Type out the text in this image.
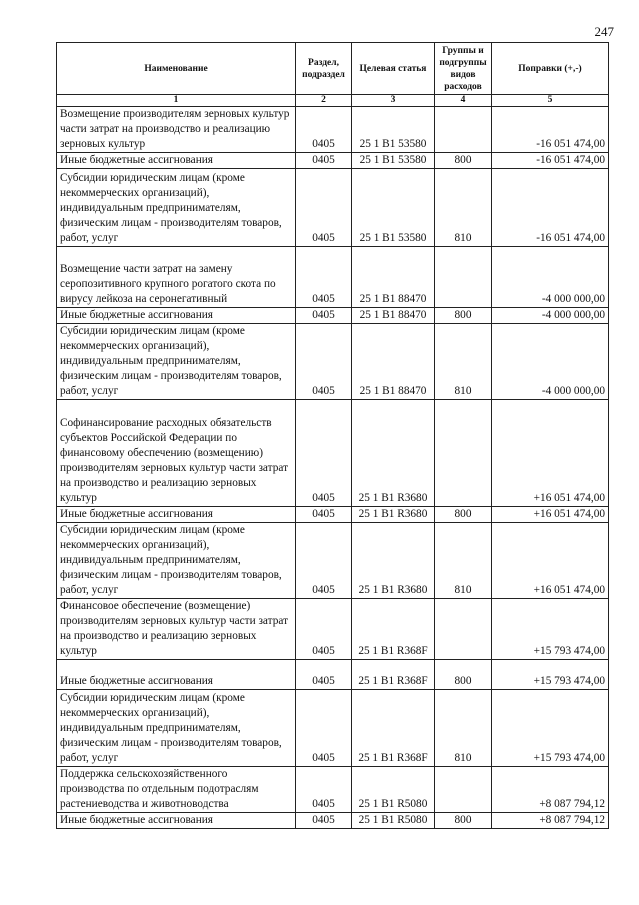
247
Наименование	Раздел, подраздел	Целевая статья	Группы и подгруппы видов расходов	Поправки (+,-)
1	2	3	4	5
Возмещение производителям зерновых культур части затрат на производство и реализацию зерновых культур	0405	25 1 B1 53580		-16 051 474,00
Иные бюджетные ассигнования	0405	25 1 B1 53580	800	-16 051 474,00
Субсидии юридическим лицам (кроме некоммерческих организаций), индивидуальным предпринимателям, физическим лицам - производителям товаров, работ, услуг	0405	25 1 B1 53580	810	-16 051 474,00
Возмещение части затрат на замену серопозитивного крупного рогатого скота по вирусу лейкоза на серонегативный	0405	25 1 B1 88470		-4 000 000,00
Иные бюджетные ассигнования	0405	25 1 B1 88470	800	-4 000 000,00
Субсидии юридическим лицам (кроме некоммерческих организаций), индивидуальным предпринимателям, физическим лицам - производителям товаров, работ, услуг	0405	25 1 B1 88470	810	-4 000 000,00
Софинансирование расходных обязательств субъектов Российской Федерации по финансовому обеспечению (возмещению) производителям зерновых культур части затрат на производство и реализацию зерновых культур	0405	25 1 B1 R3680		+16 051 474,00
Иные бюджетные ассигнования	0405	25 1 B1 R3680	800	+16 051 474,00
Субсидии юридическим лицам (кроме некоммерческих организаций), индивидуальным предпринимателям, физическим лицам - производителям товаров, работ, услуг	0405	25 1 B1 R3680	810	+16 051 474,00
Финансовое обеспечение (возмещение) производителям зерновых культур части затрат на производство и реализацию зерновых культур	0405	25 1 B1 R368F		+15 793 474,00
Иные бюджетные ассигнования	0405	25 1 B1 R368F	800	+15 793 474,00
Субсидии юридическим лицам (кроме некоммерческих организаций), индивидуальным предпринимателям, физическим лицам - производителям товаров, работ, услуг	0405	25 1 B1 R368F	810	+15 793 474,00
Поддержка сельскохозяйственного производства по отдельным подотраслям растениеводства и животноводства	0405	25 1 B1 R5080		+8 087 794,12
Иные бюджетные ассигнования	0405	25 1 B1 R5080	800	+8 087 794,12
